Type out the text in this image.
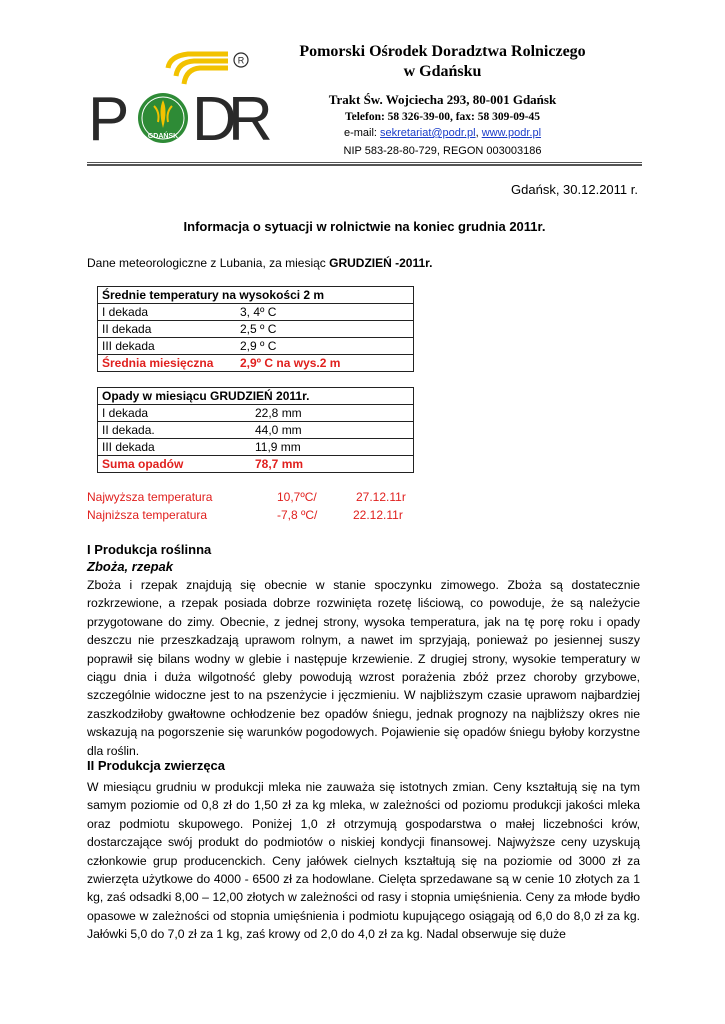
P	GDAŃSK D
R
R
Pomorski Ośrodek Doradztwa Rolniczego
w Gdańsku
Trakt Św. Wojciecha 293, 80-001 Gdańsk
Telefon: 58 326-39-00, fax: 58 309-09-45
e-mail: sekretariat@podr.pl, www.podr.pl
NIP 583-28-80-729, REGON 003003186
Gdańsk, 30.12.2011 r.
Informacja o sytuacji w rolnictwie na koniec grudnia 2011r.
Dane meteorologiczne z Lubania, za miesiąc GRUDZIEŃ -2011r.
Średnie temperatury na wysokości 2 m	
I dekada	3, 4º C
II dekada	2,5 º C
III dekada	2,9 º C
Średnia miesięczna	2,9º C na wys.2 m
Opady w miesiącu GRUDZIEŃ 2011r.	
I dekada	22,8 mm
II dekada.	44,0 mm
III dekada	11,9 mm
Suma opadów	78,7 mm
Najwyższa temperatura	10,7ºC/	27.12.11r
Najniższa temperatura	-7,8 ºC/	22.12.11r
I Produkcja roślinna
Zboża, rzepak
Zboża i rzepak znajdują się obecnie w stanie spoczynku zimowego. Zboża są dostatecznie rozkrzewione, a rzepak posiada dobrze rozwinięta rozetę liściową, co powoduje, że są należycie przygotowane do zimy. Obecnie, z jednej strony, wysoka temperatura, jak na tę porę roku i opady deszczu nie przeszkadzają uprawom rolnym, a nawet im sprzyjają, ponieważ po jesiennej suszy poprawił się bilans wodny w glebie i następuje krzewienie. Z drugiej strony, wysokie temperatury w ciągu dnia i duża wilgotność gleby powodują wzrost porażenia zbóż przez choroby grzybowe, szczególnie widoczne jest to na pszenżycie i jęczmieniu. W najbliższym czasie uprawom najbardziej zaszkodziłoby gwałtowne ochłodzenie bez opadów śniegu, jednak prognozy na najbliższy okres nie wskazują na pogorszenie się warunków pogodowych. Pojawienie się opadów śniegu byłoby korzystne dla roślin.
II Produkcja zwierzęca
W miesiącu grudniu w produkcji mleka nie zauważa się istotnych zmian. Ceny kształtują się na tym samym poziomie od 0,8 zł do 1,50 zł za kg mleka, w zależności od poziomu produkcji jakości mleka oraz podmiotu skupowego. Poniżej 1,0 zł otrzymują gospodarstwa o małej liczebności krów, dostarczające swój produkt do podmiotów o niskiej kondycji finansowej. Najwyższe ceny uzyskują członkowie grup producenckich. Ceny jałówek cielnych kształtują się na poziomie od 3000 zł za zwierzęta użytkowe do 4000 - 6500 zł za hodowlane. Cielęta sprzedawane są w cenie 10 złotych za 1 kg, zaś odsadki 8,00 – 12,00 złotych w zależności od rasy i stopnia umięśnienia. Ceny za młode bydło opasowe w zależności od stopnia umięśnienia i podmiotu kupującego osiągają od 6,0 do 8,0 zł za kg. Jałówki 5,0 do 7,0 zł za 1 kg, zaś krowy od 2,0 do 4,0 zł za kg. Nadal obserwuje się duże
